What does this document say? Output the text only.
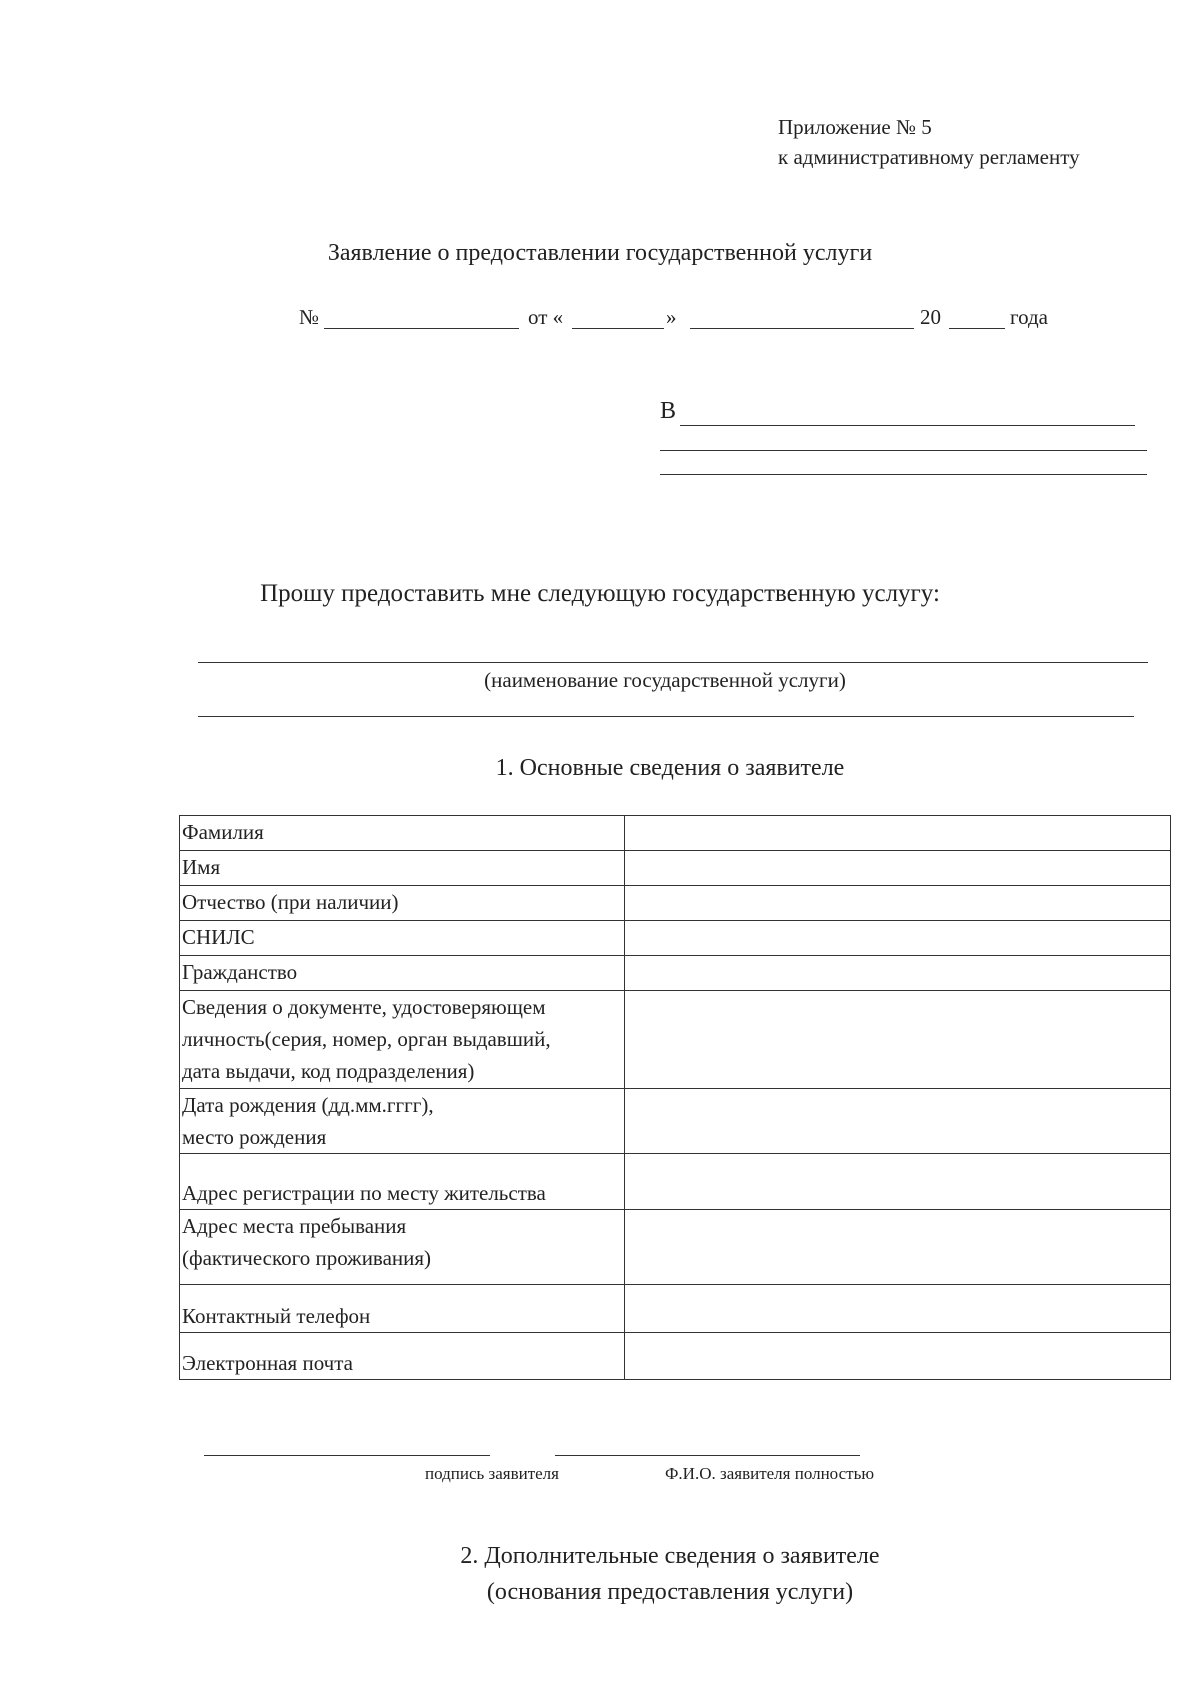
Приложение № 5
к административному регламенту
Заявление о предоставлении государственной услуги
№	от «	»	20	года
В
Прошу предоставить мне следующую государственную услугу:
(наименование государственной услуги)
1. Основные сведения о заявителе
Фамилия	

Имя	

Отчество (при наличии)	

СНИЛС	

Гражданство	

Сведения о документе, удостоверяющем
личность(серия, номер, орган выдавший,
дата выдачи, код подразделения)	

Дата рождения (дд.мм.гггг),
место рождения	

Адрес регистрации по месту жительства	

Адрес места пребывания
(фактического проживания)	

Контактный телефон	

Электронная почта	

подпись заявителя	Ф.И.О. заявителя полностью
2. Дополнительные сведения о заявителе
(основания предоставления услуги)
